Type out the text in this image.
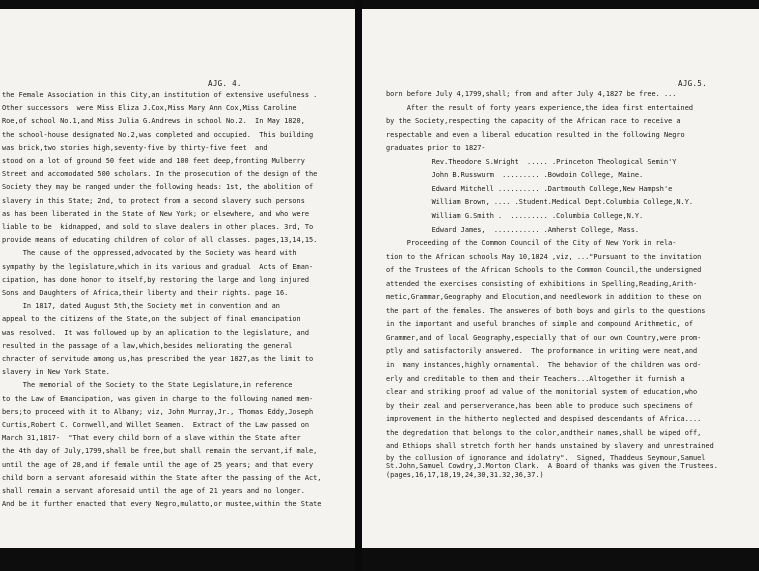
AJG. 4.
the Female Association in this City,an institution of extensive usefulness .
Other successors  were Miss Eliza J.Cox,Miss Mary Ann Cox,Miss Caroline
Roe,of school No.1,and Miss Julia G.Andrews in school No.2.  In May 1820,
the school-house designated No.2,was completed and occupied.  This building
was brick,two stories high,seventy-five by thirty-five feet  and
stood on a lot of ground 50 feet wide and 100 feet deep,fronting Mulberry
Street and accomodated 500 scholars. In the prosecution of the design of the
Society they may be ranged under the following heads: 1st, the abolition of
slavery in this State; 2nd, to protect from a second slavery such persons
as has been liberated in the State of New York; or elsewhere, and who were
liable to be  kidnapped, and sold to slave dealers in other places. 3rd, To
provide means of educating children of color of all classes. pages,13,14,15.
The cause of the oppressed,advocated by the Society was heard with
sympathy by the legislature,which in its various and gradual  Acts of Eman-
cipation, has done honor to itself,by restoring the large and long injured
Sons and Daughters of Africa,their liberty and their rights. page 16.
In 1817, dated August 5th,the Society met in convention and an
appeal to the citizens of the State,on the subject of final emancipation
was resolved.  It was followed up by an aplication to the legislature, and
resulted in the passage of a law,which,besides meliorating the general
chracter of servitude among us,has prescribed the year 1827,as the limit to
slavery in New York State.
The memorial of the Society to the State Legislature,in reference
to the Law of Emancipation, was given in charge to the following named mem-
bers;to proceed with it to Albany; viz, John Murray,Jr., Thomas Eddy,Joseph
Curtis,Robert C. Cornwell,and Willet Seamen.  Extract of the Law passed on
March 31,1817-  "That every child born of a slave within the State after
the 4th day of July,1799,shall be free,but shall remain the servant,if male,
until the age of 28,and if female until the age of 25 years; and that every
child born a servant aforesaid within the State after the passing of the Act,
shall remain a servant aforesaid until the age of 21 years and no longer.
And be it further enacted that every Negro,mulatto,or mustee,within the State
AJG.5.
born before July 4,1799,shall; from and after July 4,1827 be free. ...
After the result of forty years experience,the idea first entertained
by the Society,respecting the capacity of the African race to receive a
respectable and even a liberal education resulted in the following Negro
graduates prior to 1827-
Rev.Theodore S.Wright  ..... .Princeton Theological Semin'Y
John B.Russwurm  ......... .Bowdoin College, Maine.
Edward Mitchell .......... .Dartmouth College,New Hampsh'e
William Brown, .... .Student.Medical Dept.Columbia College,N.Y.
William G.Smith .  ......... .Columbia College,N.Y.
Edward James,  ........... .Amherst College, Mass.
Proceeding of the Common Council of the City of New York in rela-
tion to the African schools May 10,1824 ,viz, ..."Pursuant to the invitation
of the Trustees of the African Schools to the Common Council,the undersigned
attended the exercises consisting of exhibitions in Spelling,Reading,Arith-
metic,Grammar,Geography and Elocution,and needlework in addition to these on
the part of the females. The answeres of both boys and girls to the questions
in the important and useful branches of simple and compound Arithmetic, of
Grammer,and of local Geography,especially that of our own Country,were prom-
ptly and satisfactorily answered.  The proformance in writing were neat,and
in  many instances,highly ornamental.  The behavior of the children was ord-
erly and creditable to them and their Teachers...Altogether it furnish a
clear and striking proof ad value of the monitorial system of education,who
by their zeal and perserverance,has been able to produce such specimens of
improvement in the hitherto neglected and despised descendants of Africa....
the degredation that belongs to the color,andtheir names,shall be wiped off,
and Ethiops shall stretch forth her hands unstained by slavery and unrestrained
by the collusion of ignorance and idolatry".  Signed, Thaddeus Seymour,Samuel
St.John,Samuel Cowdry,J.Morton Clark.  A Board of thanks was given the Trustees.
(pages,16,17,18,19,24,30,31.32,36,37.)
